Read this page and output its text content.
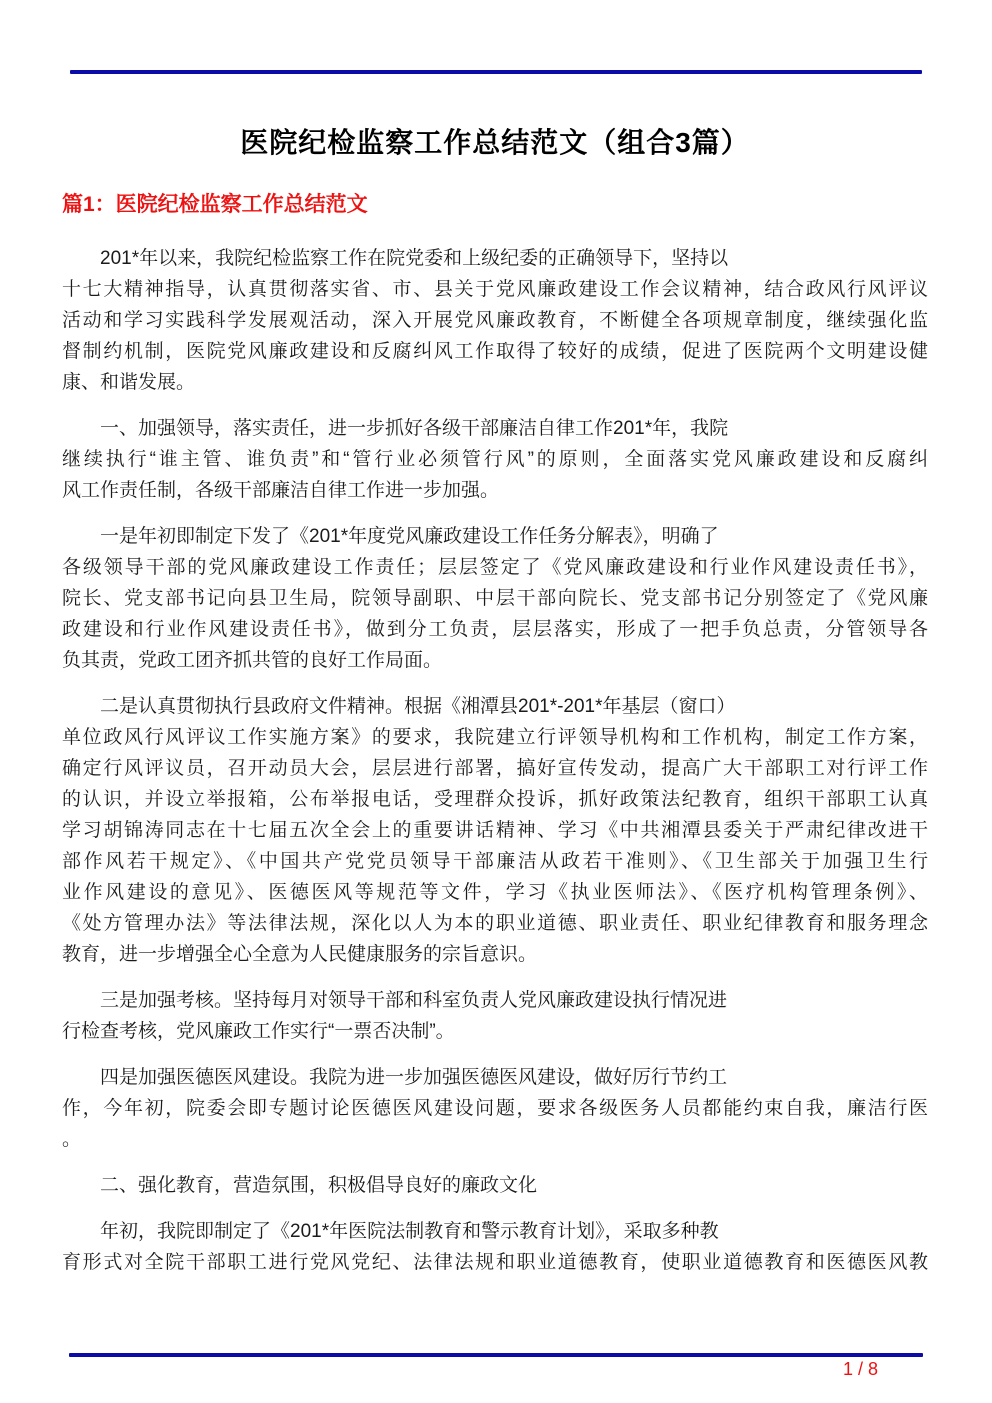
医院纪检监察工作总结范文（组合3篇）
篇1：医院纪检监察工作总结范文
201*年以来，我院纪检监察工作在院党委和上级纪委的正确领导下，坚持以
十七大精神指导，认真贯彻落实省、市、县关于党风廉政建设工作会议精神，结合政风行风评议
活动和学习实践科学发展观活动，深入开展党风廉政教育，不断健全各项规章制度，继续强化监
督制约机制，医院党风廉政建设和反腐纠风工作取得了较好的成绩，促进了医院两个文明建设健
康、和谐发展。
一、加强领导，落实责任，进一步抓好各级干部廉洁自律工作201*年，我院
继续执行“谁主管、谁负责”和“管行业必须管行风”的原则，全面落实党风廉政建设和反腐纠
风工作责任制，各级干部廉洁自律工作进一步加强。
一是年初即制定下发了《201*年度党风廉政建设工作任务分解表》，明确了
各级领导干部的党风廉政建设工作责任；层层签定了《党风廉政建设和行业作风建设责任书》，
院长、党支部书记向县卫生局，院领导副职、中层干部向院长、党支部书记分别签定了《党风廉
政建设和行业作风建设责任书》，做到分工负责，层层落实，形成了一把手负总责，分管领导各
负其责，党政工团齐抓共管的良好工作局面。
二是认真贯彻执行县政府文件精神。根据《湘潭县201*-201*年基层（窗口）
单位政风行风评议工作实施方案》的要求，我院建立行评领导机构和工作机构，制定工作方案，
确定行风评议员，召开动员大会，层层进行部署，搞好宣传发动，提高广大干部职工对行评工作
的认识，并设立举报箱，公布举报电话，受理群众投诉，抓好政策法纪教育，组织干部职工认真
学习胡锦涛同志在十七届五次全会上的重要讲话精神、学习《中共湘潭县委关于严肃纪律改进干
部作风若干规定》、《中国共产党党员领导干部廉洁从政若干准则》、《卫生部关于加强卫生行
业作风建设的意见》、医德医风等规范等文件，学习《执业医师法》、《医疗机构管理条例》、
《处方管理办法》等法律法规，深化以人为本的职业道德、职业责任、职业纪律教育和服务理念
教育，进一步增强全心全意为人民健康服务的宗旨意识。
三是加强考核。坚持每月对领导干部和科室负责人党风廉政建设执行情况进
行检查考核，党风廉政工作实行“一票否决制”。
四是加强医德医风建设。我院为进一步加强医德医风建设，做好厉行节约工
作，今年初，院委会即专题讨论医德医风建设问题，要求各级医务人员都能约束自我，廉洁行医
。
二、强化教育，营造氛围，积极倡导良好的廉政文化
年初，我院即制定了《201*年医院法制教育和警示教育计划》，采取多种教
育形式对全院干部职工进行党风党纪、法律法规和职业道德教育，使职业道德教育和医德医风教
1 / 8
